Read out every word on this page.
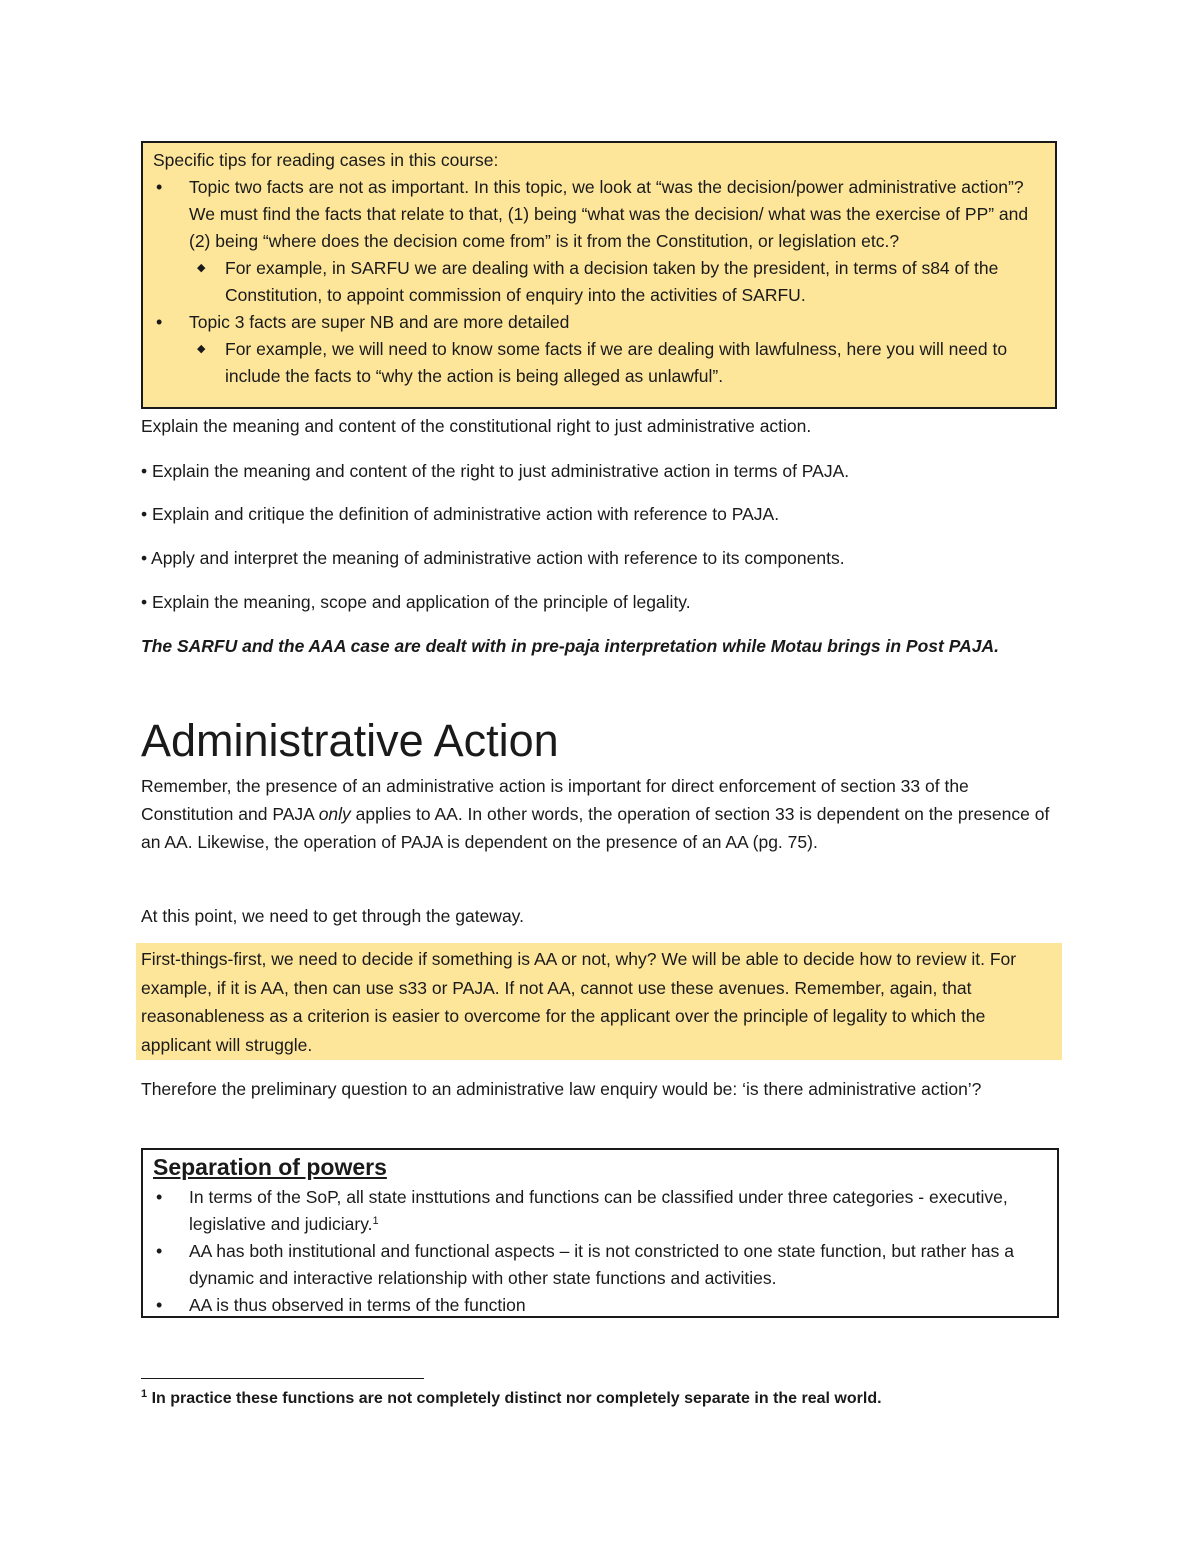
Specific tips for reading cases in this course:
• Topic two facts are not as important. In this topic, we look at “was the decision/power administrative action”? We must find the facts that relate to that, (1) being “what was the decision/ what was the exercise of PP” and (2) being “where does the decision come from” is it from the Constitution, or legislation etc.?
◆ For example, in SARFU we are dealing with a decision taken by the president, in terms of s84 of the Constitution, to appoint commission of enquiry into the activities of SARFU.
• Topic 3 facts are super NB and are more detailed
◆ For example, we will need to know some facts if we are dealing with lawfulness, here you will need to include the facts to “why the action is being alleged as unlawful”.

Explain the meaning and content of the constitutional right to just administrative action.

• Explain the meaning and content of the right to just administrative action in terms of PAJA.

• Explain and critique the definition of administrative action with reference to PAJA.

• Apply and interpret the meaning of administrative action with reference to its components.

• Explain the meaning, scope and application of the principle of legality.

The SARFU and the AAA case are dealt with in pre-paja interpretation while Motau brings in Post PAJA.

Administrative Action

Remember, the presence of an administrative action is important for direct enforcement of section 33 of the Constitution and PAJA only applies to AA. In other words, the operation of section 33 is dependent on the presence of an AA. Likewise, the operation of PAJA is dependent on the presence of an AA (pg. 75).

At this point, we need to get through the gateway.

First-things-first, we need to decide if something is AA or not, why? We will be able to decide how to review it. For example, if it is AA, then can use s33 or PAJA. If not AA, cannot use these avenues. Remember, again, that reasonableness as a criterion is easier to overcome for the applicant over the principle of legality to which the applicant will struggle.

Therefore the preliminary question to an administrative law enquiry would be: ‘is there administrative action’?

Separation of powers

• In terms of the SoP, all state insttutions and functions can be classified under three categories - executive, legislative and judiciary.$^1$
• AA has both institutional and functional aspects – it is not constricted to one state function, but rather has a dynamic and interactive relationship with other state functions and activities.
• AA is thus observed in terms of the function

$^1$ In practice these functions are not completely distinct nor completely separate in the real world.
